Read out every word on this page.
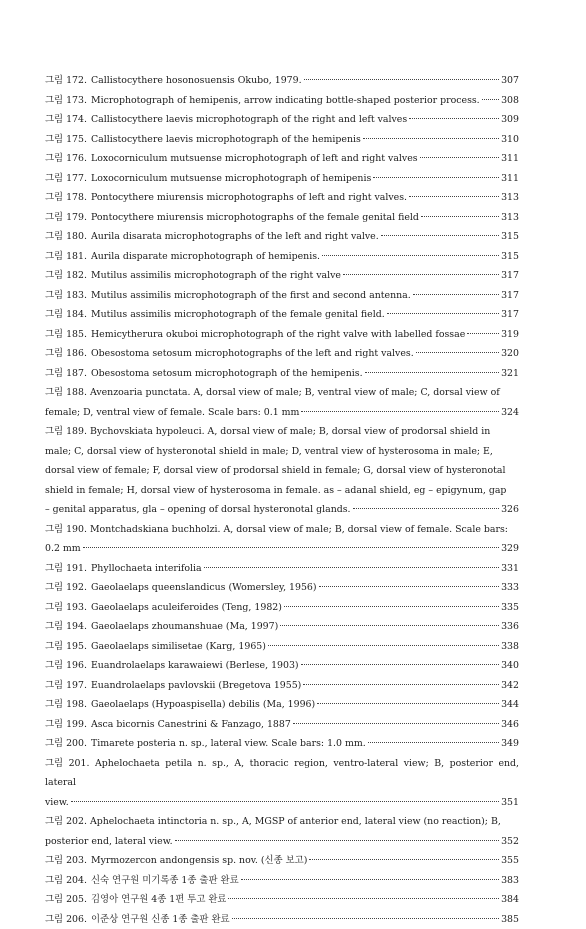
그림 172. Callistocythere hosonosuensis Okubo, 1979.	307
그림 173. Microphotograph of hemipenis, arrow indicating bottle-shaped posterior process. 308
그림 174. Callistocythere laevis microphotograph of the right and left valves	309
그림 175. Callistocythere laevis microphotograph of the hemipenis	310
그림 176. Loxocorniculum mutsuense microphotograph of left and right valves	311
그림 177. Loxocorniculum mutsuense microphotograph of hemipenis	311
그림 178. Pontocythere miurensis microphotographs of left and right valves.	313
그림 179. Pontocythere miurensis microphotographs of the female genital field	313
그림 180. Aurila disarata microphotographs of the left and right valve.	315
그림 181. Aurila disparate microphotograph of hemipenis.	315
그림 182. Mutilus assimilis microphotograph of the right valve	317
그림 183. Mutilus assimilis microphotograph of the first and second antenna.	317
그림 184. Mutilus assimilis microphotograph of the female genital field.	317
그림 185. Hemicytherura okuboi microphotograph of the right valve with labelled fossae	319
그림 186. Obesostoma setosum microphotographs of the left and right valves.	320
그림 187. Obesostoma setosum microphotograph of the hemipenis.	321
그림 188. Avenzoaria punctata. A, dorsal view of male; B, ventral view of male; C, dorsal view of
female; D, ventral view of female. Scale bars: 0.1 mm	324
그림 189. Bychovskiata hypoleuci. A, dorsal view of male; B, dorsal view of prodorsal shield in
male; C, dorsal view of hysteronotal shield in male; D, ventral view of hysterosoma in male; E,
dorsal view of female; F, dorsal view of prodorsal shield in female; G, dorsal view of hysteronotal
shield in female; H, dorsal view of hysterosoma in female. as – adanal shield, eg – epigynum, gap
– genital apparatus, gla – opening of dorsal hysteronotal glands.	326
그림 190. Montchadskiana buchholzi. A, dorsal view of male; B, dorsal view of female. Scale bars:
0.2 mm	329
그림 191. Phyllochaeta interifolia	331
그림 192. Gaeolaelaps queenslandicus (Womersley, 1956)	333
그림 193. Gaeolaelaps aculeiferoides (Teng, 1982)	335
그림 194. Gaeolaelaps zhoumanshuae (Ma, 1997)	336
그림 195. Gaeolaelaps similisetae (Karg, 1965)	338
그림 196. Euandrolaelaps karawaiewi (Berlese, 1903)	340
그림 197. Euandrolaelaps pavlovskii (Bregetova 1955)	342
그림 198. Gaeolaelaps (Hypoaspisella) debilis (Ma, 1996)	344
그림 199. Asca bicornis Canestrini & Fanzago, 1887	346
그림 200. Timarete posteria n. sp., lateral view. Scale bars: 1.0 mm.	349
그림 201. Aphelochaeta petila n. sp., A, thoracic region, ventro-lateral view; B, posterior end, lateral
view.	351
그림 202. Aphelochaeta intinctoria n. sp., A, MGSP of anterior end, lateral view (no reaction); B,
posterior end, lateral view.	352
그림 203. Myrmozercon andongensis sp. nov. (신종 보고)	355
그림 204. 신숙 연구원 미기록종 1종 출판 완료	383
그림 205. 김영아 연구원 4종 1편 투고 완료	384
그림 206. 이준상 연구원 신종 1종 출판 완료	385
